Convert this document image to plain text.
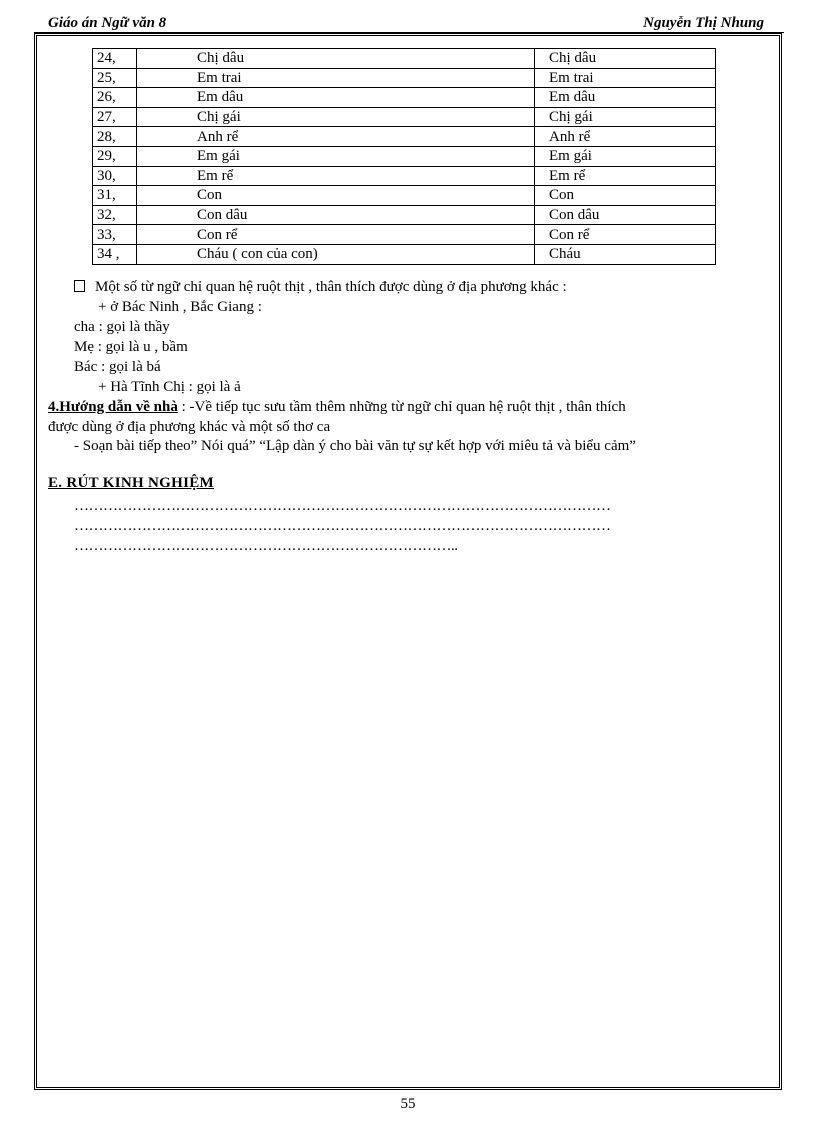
Giáo án Ngữ văn 8	Nguyễn Thị Nhung
24,	Chị dâu	Chị dâu
25,	Em trai	Em trai
26,	Em dâu	Em dâu
27,	Chị gái	Chị gái
28,	Anh rể	Anh rể
29,	Em gái	Em gái
30,	Em rể	Em rể
31,	Con	Con
32,	Con dâu	Con dâu
33,	Con rể	Con rể
34 ,	Cháu ( con của con)	Cháu
Một số từ ngữ chỉ quan hệ ruột thịt , thân thích được dùng ở địa phương khác :
+ ở Bác Ninh , Bắc Giang :
cha : gọi là thầy
Mẹ : gọi là u , bầm
Bác : gọi là bá
+ Hà Tĩnh Chị : gọi là ả
4.Hướng dẫn về nhà : -Về tiếp tục sưu tầm thêm những từ ngữ chỉ quan hệ ruột thịt , thân thích
được dùng ở địa phương khác và một số thơ ca
- Soạn bài tiếp theo” Nói quá” “Lập dàn ý cho bài văn tự sự kết hợp với miêu tả và biểu cảm”
E. RÚT KINH NGHIỆM
…………………………………………………………………………………………………
…………………………………………………………………………………………………
……………………………………………………………………..
55
